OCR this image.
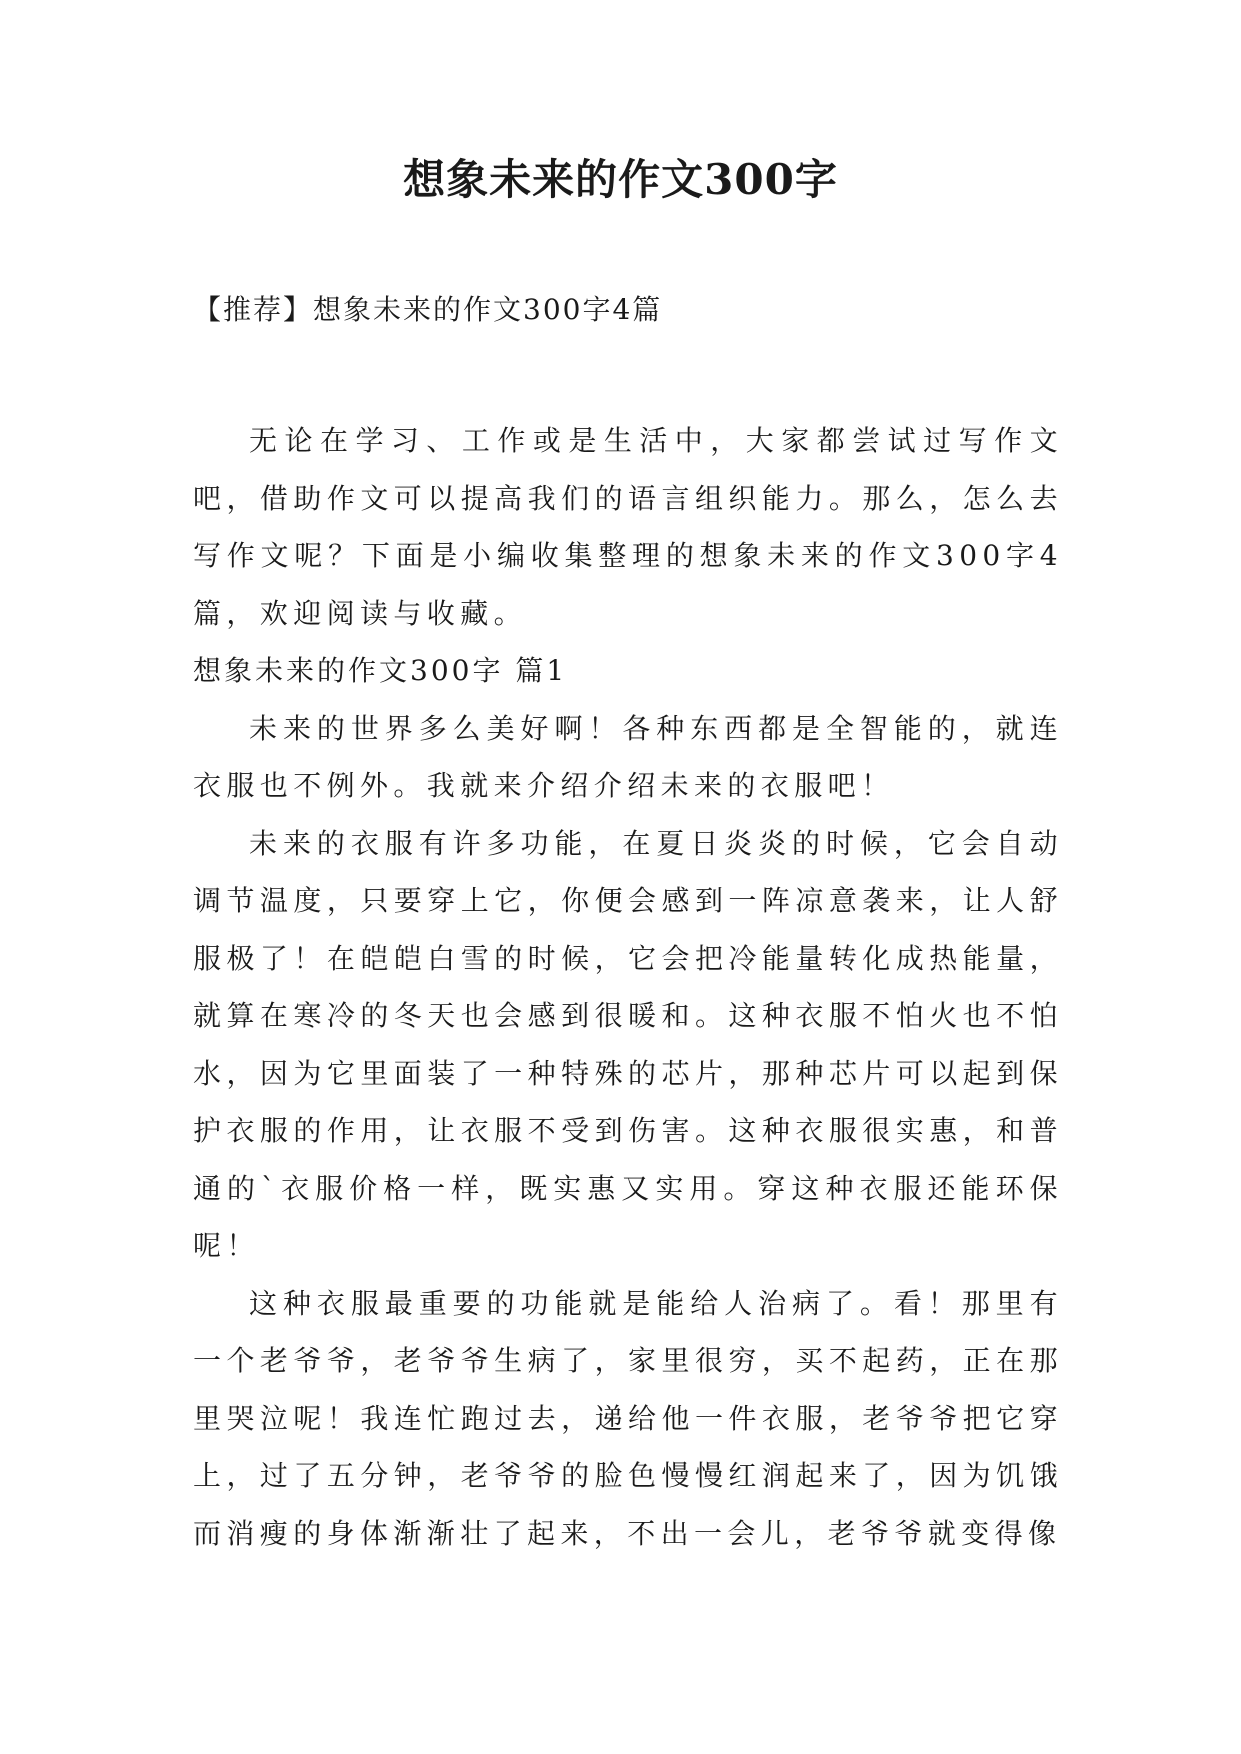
想象未来的作文300字

【推荐】想象未来的作文300字4篇

无论在学习、工作或是生活中，大家都尝试过写作文吧，借助作文可以提高我们的语言组织能力。那么，怎么去写作文呢？下面是小编收集整理的想象未来的作文300字4篇，欢迎阅读与收藏。

想象未来的作文300字 篇1

未来的世界多么美好啊！各种东西都是全智能的，就连衣服也不例外。我就来介绍介绍未来的衣服吧！

未来的衣服有许多功能，在夏日炎炎的时候，它会自动调节温度，只要穿上它，你便会感到一阵凉意袭来，让人舒服极了！在皑皑白雪的时候，它会把冷能量转化成热能量，就算在寒冷的冬天也会感到很暖和。这种衣服不怕火也不怕水，因为它里面装了一种特殊的芯片，那种芯片可以起到保护衣服的作用，让衣服不受到伤害。这种衣服很实惠，和普通的`衣服价格一样，既实惠又实用。穿这种衣服还能环保呢！

这种衣服最重要的功能就是能给人治病了。看！那里有一个老爷爷，老爷爷生病了，家里很穷，买不起药，正在那里哭泣呢！我连忙跑过去，递给他一件衣服，老爷爷把它穿上，过了五分钟，老爷爷的脸色慢慢红润起来了，因为饥饿而消瘦的身体渐渐壮了起来，不出一会儿，老爷爷就变得像
